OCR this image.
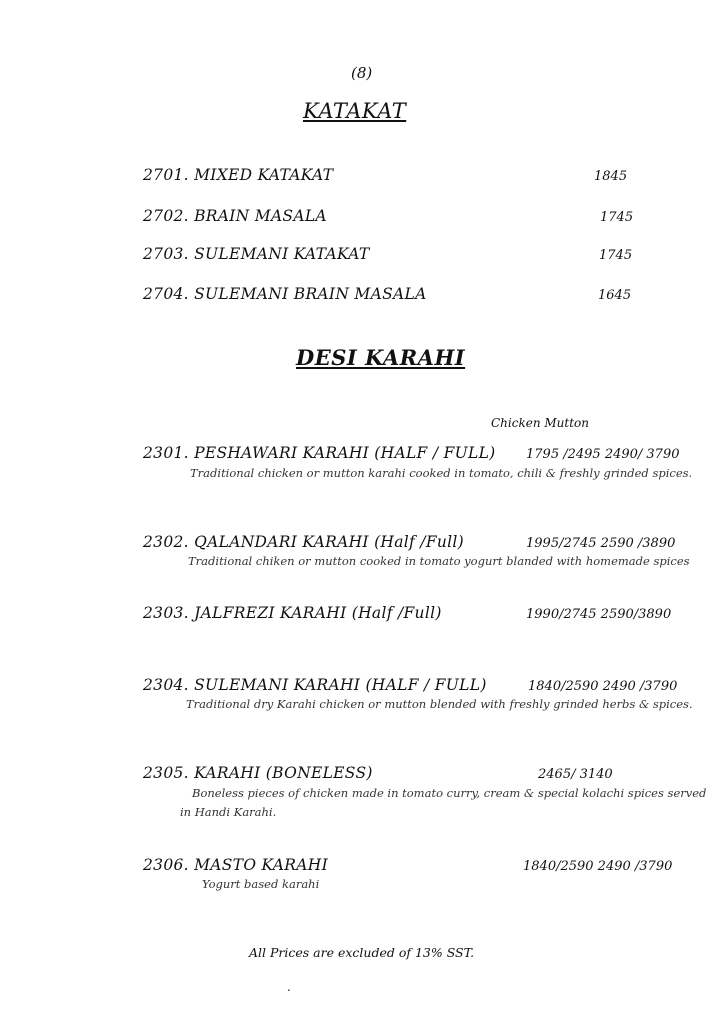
(8)
KATAKAT
2701. MIXED KATAKAT	1845
2702. BRAIN MASALA	1745
2703. SULEMANI KATAKAT	1745
2704. SULEMANI BRAIN MASALA	1645
DESI KARAHI
Chicken Mutton
2301. PESHAWARI KARAHI (HALF / FULL) 1795 /2495 2490/ 3790
Traditional chicken or mutton karahi cooked in tomato, chili & freshly grinded spices.
2302. QALANDARI KARAHI (Half /Full)	1995/2745 2590 /3890
Traditional chiken or mutton cooked in tomato yogurt blanded with homemade spices
2303. JALFREZI KARAHI (Half /Full)	1990/2745 2590/3890
2304. SULEMANI KARAHI (HALF / FULL)	1840/2590 2490 /3790
Traditional dry Karahi chicken or mutton blended with freshly grinded herbs & spices.
2305. KARAHI (BONELESS)	2465/ 3140
Boneless pieces of chicken made in tomato curry, cream & special kolachi spices served
in Handi Karahi.
2306. MASTO KARAHI	1840/2590 2490 /3790
Yogurt based karahi
All Prices are excluded of 13% SST.
.
